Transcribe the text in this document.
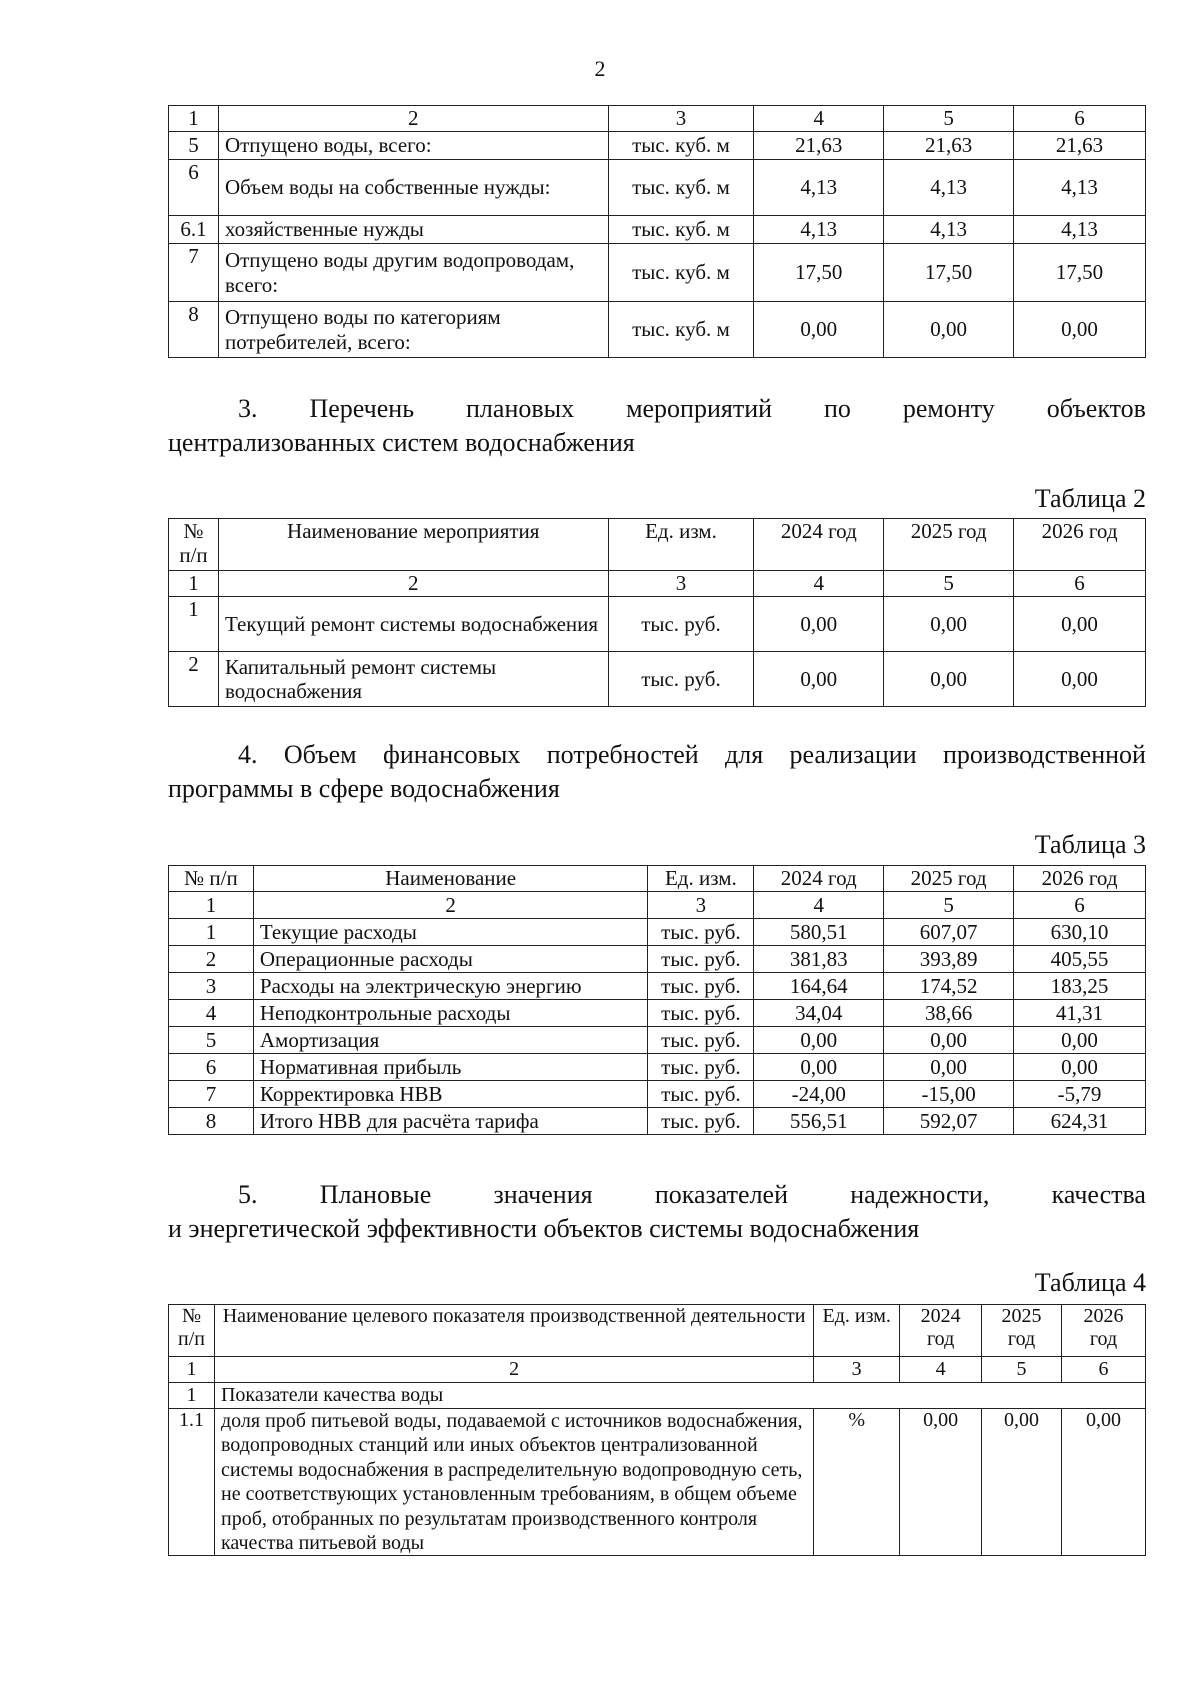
2
1	2	3	4	5	6
5	Отпущено воды, всего:	тыс. куб. м	21,63	21,63	21,63
6	Объем воды на собственные нужды:	тыс. куб. м	4,13	4,13	4,13
6.1	хозяйственные нужды	тыс. куб. м	4,13	4,13	4,13
7	Отпущено воды другим водопроводам, всего:	тыс. куб. м	17,50	17,50	17,50
8	Отпущено воды по категориям потребителей, всего:	тыс. куб. м	0,00	0,00	0,00
3. Перечень плановых мероприятий по ремонту объектов
централизованных систем водоснабжения
Таблица 2
№ п/п	Наименование мероприятия	Ед. изм.	2024 год	2025 год	2026 год
1	2	3	4	5	6
1	Текущий ремонт системы водоснабжения	тыс. руб.	0,00	0,00	0,00
2	Капитальный ремонт системы водоснабжения	тыс. руб.	0,00	0,00	0,00
4. Объем финансовых потребностей для реализации производственной
программы в сфере водоснабжения
Таблица 3
№ п/п	Наименование	Ед. изм.	2024 год	2025 год	2026 год
1	2	3	4	5	6
1	Текущие расходы	тыс. руб.	580,51	607,07	630,10
2	Операционные расходы	тыс. руб.	381,83	393,89	405,55
3	Расходы на электрическую энергию	тыс. руб.	164,64	174,52	183,25
4	Неподконтрольные расходы	тыс. руб.	34,04	38,66	41,31
5	Амортизация	тыс. руб.	0,00	0,00	0,00
6	Нормативная прибыль	тыс. руб.	0,00	0,00	0,00
7	Корректировка НВВ	тыс. руб.	-24,00	-15,00	-5,79
8	Итого НВВ для расчёта тарифа	тыс. руб.	556,51	592,07	624,31
5. Плановые значения показателей надежности, качества
и энергетической эффективности объектов системы водоснабжения
Таблица 4
№ п/п	Наименование целевого показателя производственной деятельности	Ед. изм.	2024 год	2025 год	2026 год
1	2	3	4	5	6
1	Показатели качества воды				
1.1	доля проб питьевой воды, подаваемой с источников водоснабжения, водопроводных станций или иных объектов централизованной системы водоснабжения в распределительную водопроводную сеть, не соответствующих установленным требованиям, в общем объеме проб, отобранных по результатам производственного контроля качества питьевой воды	%	0,00	0,00	0,00
